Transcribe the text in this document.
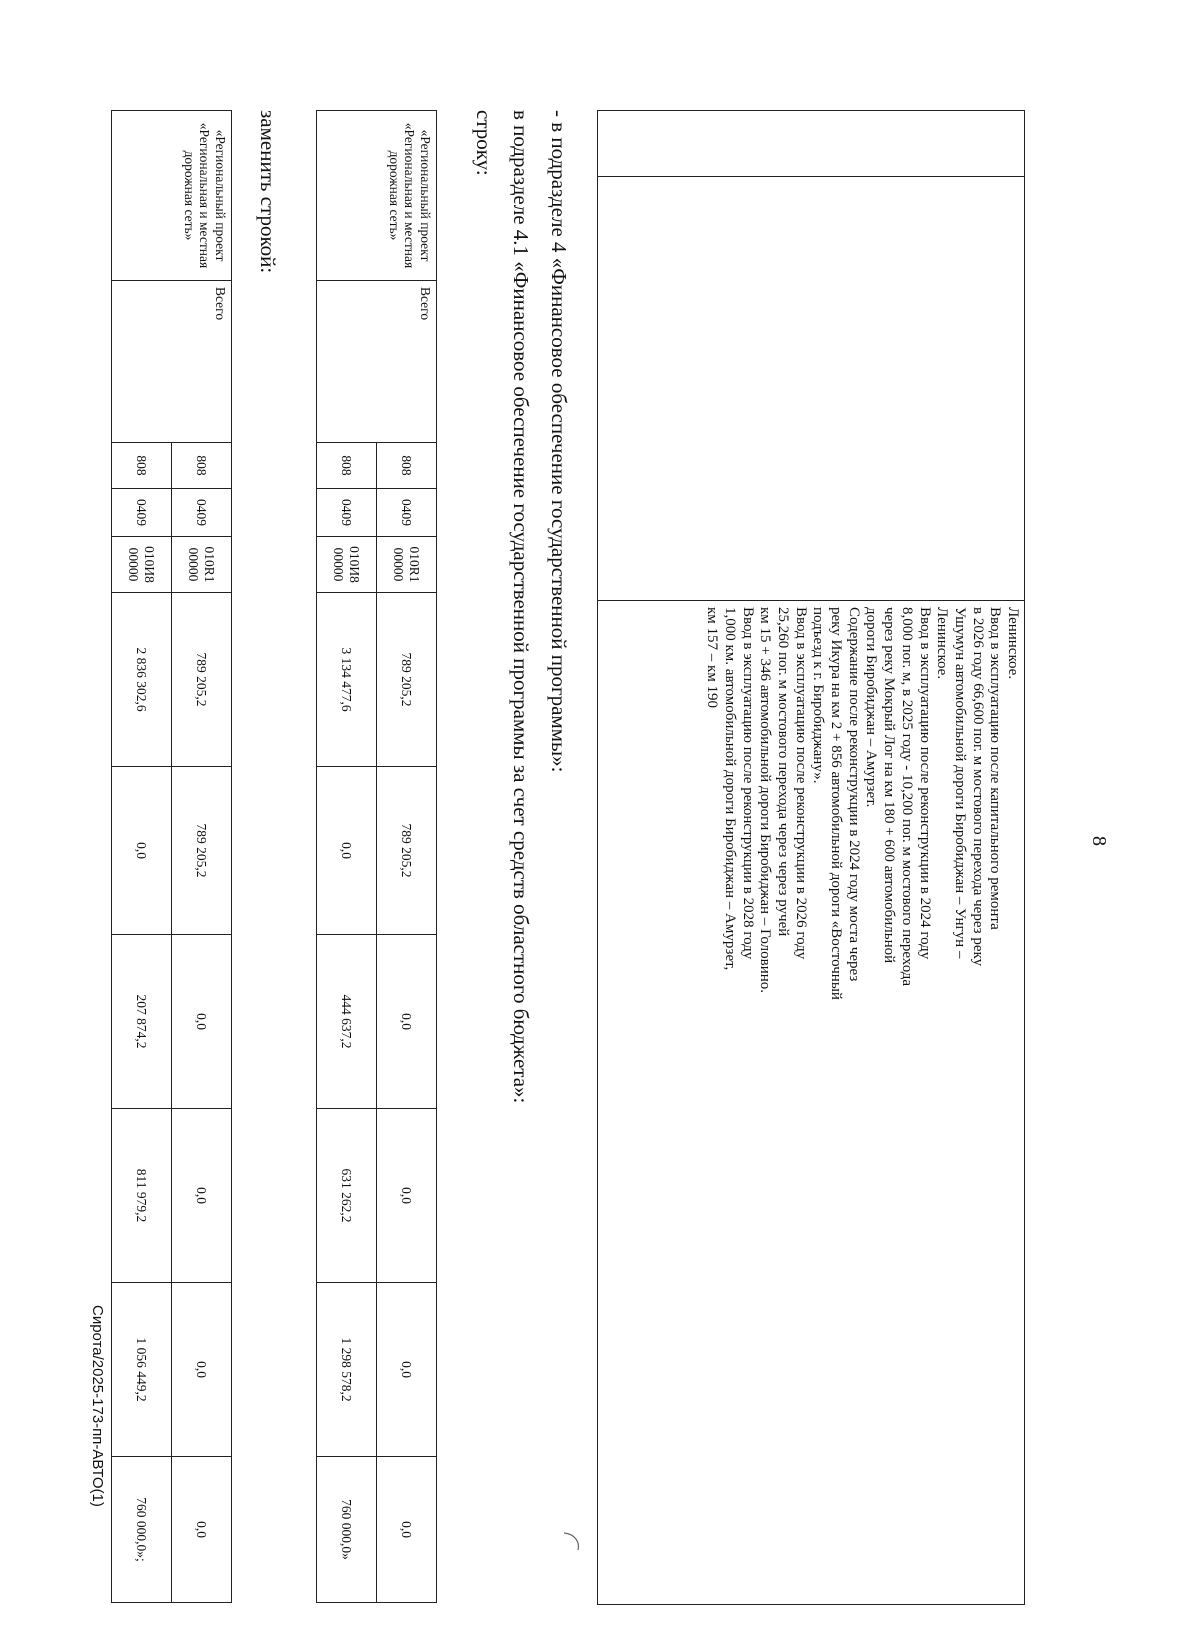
8

Ленинское.
Ввод в эксплуатацию после капитального ремонта
в 2026 году 66,600 пог. м мостового перехода через реку
Ушумун автомобильной дороги Биробиджан – Унгун –
Ленинское.
Ввод в эксплуатацию после реконструкции в 2024 году
8,000 пог. м, в 2025 году - 10,200 пог. м мостового перехода
через реку Мокрый Лог на км 180 + 600 автомобильной
дороги Биробиджан – Амурзет.
Содержание после реконструкции в 2024 году моста через
реку Икура на км 2 + 856 автомобильной дороги «Восточный
подъезд к г. Биробиджану».
Ввод в эксплуатацию после реконструкции в 2026 году
25,260 пог. м мостового перехода через через ручей
км 15 + 346 автомобильной дороги Биробиджан – Головино.
Ввод в эксплуатацию после реконструкции в 2028 году
1,000 км. автомобильной дороги Биробиджан – Амурзет,
км 157 – км 190
- в подразделе 4 «Финансовое обеспечение государственной программы»:
в подразделе 4.1 «Финансовое обеспечение государственной программы за счет средств областного бюджета»:
строку:
«Региональный проект «Региональная и местная дорожная сеть»	Всего	808	0409	010R1 00000	789 205,2	789 205,2	0,0	0,0	0,0	0,0
		808	0409	010И8 00000	3 134 477,6	0,0	444 637,2	631 262,2	1 298 578,2	760 000,0»
заменить строкой:
«Региональный проект «Региональная и местная дорожная сеть»	Всего	808	0409	010R1 00000	789 205,2	789 205,2	0,0	0,0	0,0	0,0
		808	0409	010И8 00000	2 836 302,6	0,0	207 874,2	811 979,2	1 056 449,2	760 000,0»;
Сирота/2025-173-пп-АВТО(1)
